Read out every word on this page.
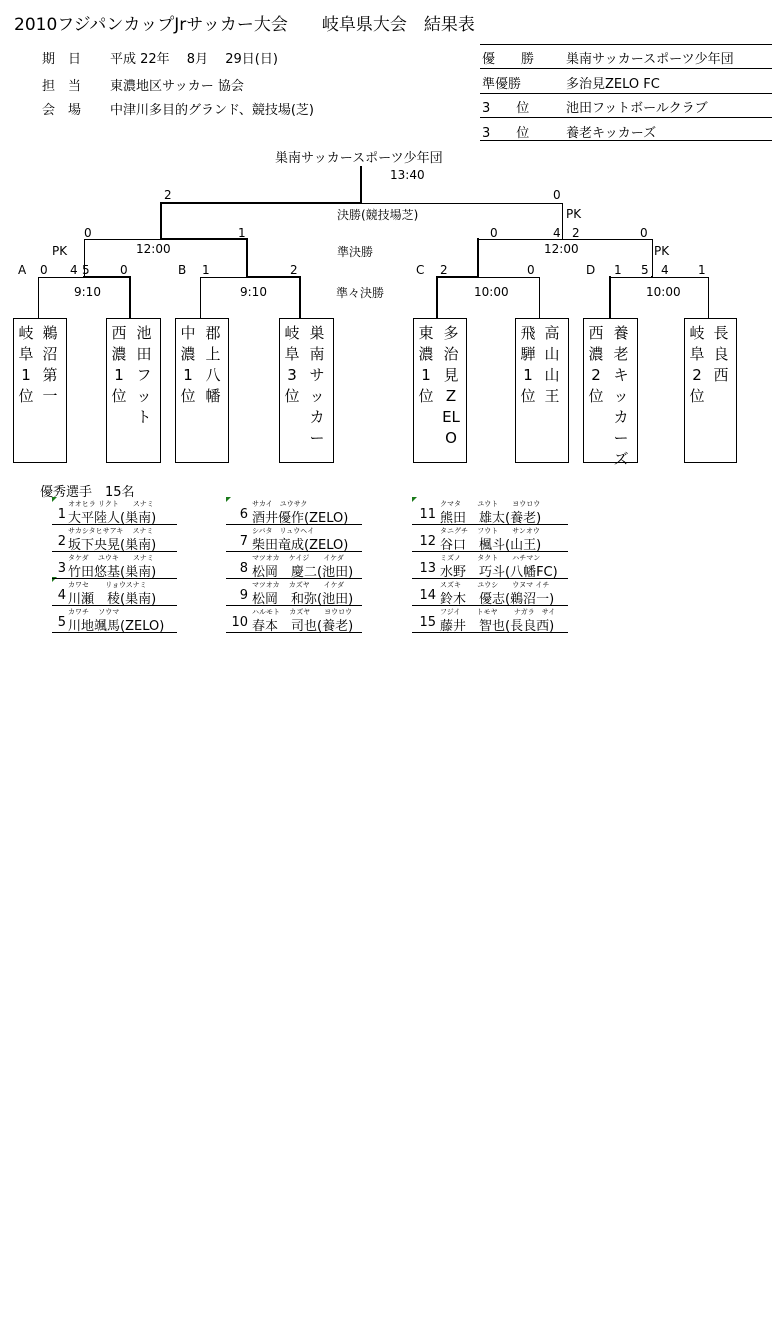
2010フジパンカップJrサッカー大会　　岐阜県大会　結果表
期　日 平成 22年　 8月　 29日(日)
担　当 東濃地区サッカー 協会
会　場 中津川多目的グランド、競技場(芝)
優　　勝 巣南サッカースポーツ少年団
準優勝	多治見ZELO FC
3　　位	池田フットボールクラブ
3　　位	養老キッカーズ
巣南サッカースポーツ少年団
13:40
2	0
決勝(競技場芝)	PK
0	1
12:00
PK	準決勝
0	4 2	0
12:00	PK
A 0 4 5	0	B 1	2	C 2	0	D 1 5 4 1
9:10	9:10	準々決勝	10:00	10:00
岐阜1位
鵜沼第一
西濃1位
池田フット
中濃1位
郡上八幡
岐阜3位
巣南サッカー
東濃1位
多治見ZELO
飛騨1位
高山山王
西濃2位
養老キッカーズ
岐阜2位
長良西
優秀選手　15名
オオヒラ リクト　　スナミ
1 大平陸人(巣南)
サカシタヒサアキ　 スナミ
2 坂下央晃(巣南)
タケダ　 ユウキ　　スナミ
3 竹田悠基(巣南)
カワセ　　 リョウスナミ
4 川瀬　稜(巣南)
カワチ　 ソウマ
5 川地颯馬(ZELO)
サカイ　ユウサク
6 酒井優作(ZELO)
シバタ　リュウヘイ
7 柴田竜成(ZELO)
マツオカ　 ケイジ　　イケダ
8 松岡　慶二(池田)
マツオカ　 カズヤ　　イケダ
9 松岡　和弥(池田)
ハルモト　 カズヤ　　ヨウロウ
10 春本　司也(養老)
クマタ　　 ユウト　　ヨウロウ
11 熊田　雄太(養老)
タニグチ　 フウト　　サンオウ
12 谷口　楓斗(山王)
ミズノ　　 タクト　　ハチマン
13 水野　巧斗(八幡FC)
スズキ　　 ユウシ　　ウヌマ イチ
14 鈴木　優志(鵜沼一)
フジイ　　 トモヤ　　 ナガラ　サイ
15 藤井　智也(長良西)
